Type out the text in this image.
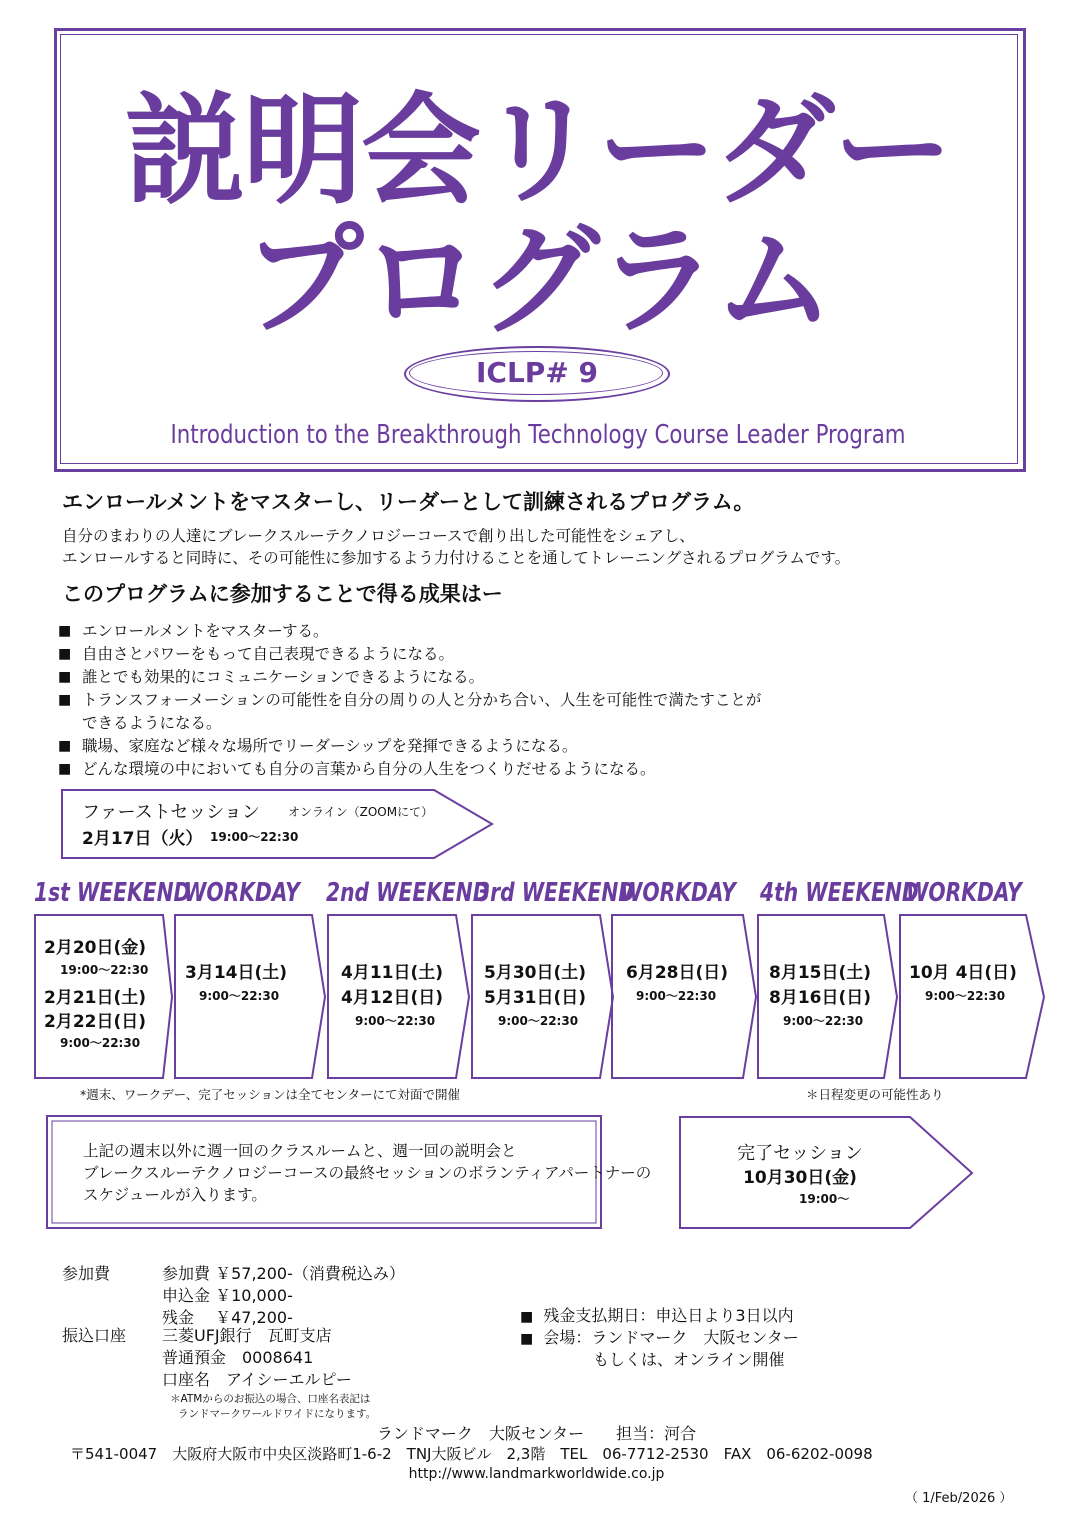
説明会リーダー
プログラム
ICLP# 9
Introduction to the Breakthrough Technology Course Leader Program
エンロールメントをマスターし、リーダーとして訓練されるプログラム。
自分のまわりの人達にブレークスルーテクノロジーコースで創り出した可能性をシェアし、
エンロールすると同時に、その可能性に参加するよう力付けることを通してトレーニングされるプログラムです。
このプログラムに参加することで得る成果はー
■ エンロールメントをマスターする。
■ 自由さとパワーをもって自己表現できるようになる。
■ 誰とでも効果的にコミュニケーションできるようになる。
■ トランスフォーメーションの可能性を自分の周りの人と分かち合い、人生を可能性で満たすことが
できるようになる。
■ 職場、家庭など様々な場所でリーダーシップを発揮できるようになる。
■ どんな環境の中においても自分の言葉から自分の人生をつくりだせるようになる。
ファーストセッション オンライン（ZOOMにて）
2月17日（火） 19:00～22:30
1st WEEKEND
WORKDAY 2nd WEEKEND
3rd WEEKEND
WORKDAY 4th WEEKEND
WORKDAY
2月20日(金)
19:00～22:30
2月21日(土)
2月22日(日)
9:00～22:30
3月14日(土)
9:00～22:30
4月11日(土)
4月12日(日)
9:00～22:30
5月30日(土)
5月31日(日)
9:00～22:30
6月28日(日)
9:00～22:30
8月15日(土)
8月16日(日)
9:00～22:30
10月 4日(日)
9:00～22:30
*週末、ワークデー、完了セッションは全てセンターにて対面で開催	＊日程変更の可能性あり
上記の週末以外に週一回のクラスルームと、週一回の説明会と
ブレークスルーテクノロジーコースの最終セッションのボランティアパートナーの
スケジュールが入ります。
完了セッション
10月30日(金)
19:00～
参加費	参加費 ￥57,200-（消費税込み）
申込金 ￥10,000-
残金　 ￥47,200-
振込口座 三菱UFJ銀行　瓦町支店
普通預金　0008641
口座名　アイシーエルピー
＊ATMからのお振込の場合、口座名表記は
ランドマークワールドワイドになります。
■ 残金支払期日：申込日より3日以内
■ 会場：ランドマーク　大阪センター
もしくは、オンライン開催
ランドマーク　大阪センター　　担当：河合
〒541-0047　大阪府大阪市中央区淡路町1-6-2　TNJ大阪ビル　2,3階　TEL　06-7712-2530　FAX　06-6202-0098
http://www.landmarkworldwide.co.jp
（ 1/Feb/2026 ）
